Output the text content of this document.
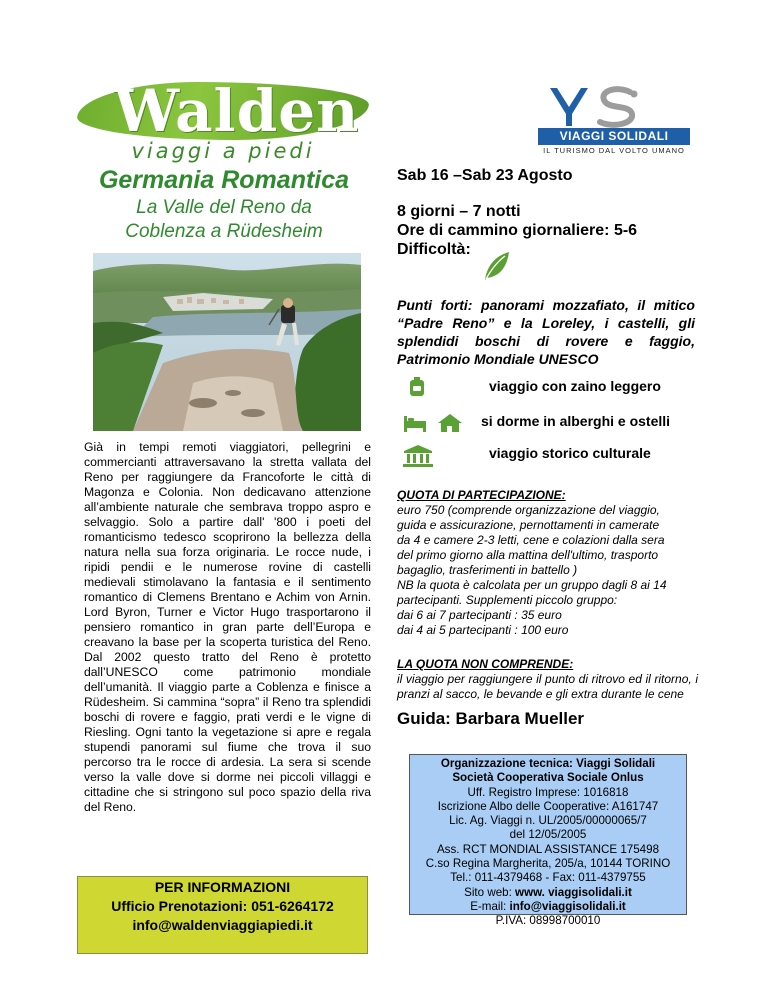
Walden
viaggi a piedi
VIAGGI SOLIDALI
IL TURISMO DAL VOLTO UMANO
Germania Romantica
La Valle del Reno da
Coblenza a Rüdesheim
Già in tempi remoti viaggiatori, pellegrini e commercianti attraversavano la stretta vallata del Reno per raggiungere da Francoforte le città di Magonza e Colonia. Non dedicavano attenzione all’ambiente naturale che sembrava troppo aspro e selvaggio. Solo a partire dall' '800 i poeti del romanticismo tedesco scoprirono la bellezza della natura nella sua forza originaria. Le rocce nude, i ripidi pendii e le numerose rovine di castelli medievali stimolavano la fantasia e il sentimento romantico di Clemens Brentano e Achim von Arnin. Lord Byron, Turner e Victor Hugo trasportarono il pensiero romantico in gran parte dell’Europa e creavano la base per la scoperta turistica del Reno. Dal 2002 questo tratto del Reno è protetto dall’UNESCO come patrimonio mondiale dell’umanità. Il viaggio parte a Coblenza e finisce a Rüdesheim. Si cammina “sopra” il Reno tra splendidi boschi di rovere e faggio, prati verdi e le vigne di Riesling. Ogni tanto la vegetazione si apre e regala stupendi panorami sul fiume che trova il suo percorso tra le rocce di ardesia. La sera si scende verso la valle dove si dorme nei piccoli villaggi e cittadine che si stringono sul poco spazio della riva del Reno.
PER INFORMAZIONI
Ufficio Prenotazioni: 051-6264172
info@waldenviaggiapiedi.it
Sab 16 –Sab 23 Agosto
8 giorni – 7 notti
Ore di cammino giornaliere: 5-6
Difficoltà:
Punti forti: panorami mozzafiato, il mitico “Padre Reno” e la Loreley, i castelli, gli splendidi boschi di rovere e faggio, Patrimonio Mondiale UNESCO
viaggio con zaino leggero
si dorme in alberghi e ostelli
viaggio storico culturale
QUOTA DI PARTECIPAZIONE:
euro 750 (comprende organizzazione del viaggio,
guida e assicurazione, pernottamenti in camerate
da 4 e camere 2-3 letti, cene e colazioni dalla sera
del primo giorno alla mattina dell'ultimo, trasporto
bagaglio, trasferimenti in battello )
NB la quota è calcolata per un gruppo dagli 8 ai 14
partecipanti. Supplementi piccolo gruppo:
dai 6 ai 7 partecipanti : 35 euro
dai 4 ai 5 partecipanti : 100 euro
LA QUOTA NON COMPRENDE:
il viaggio per raggiungere il punto di ritrovo ed il ritorno, i pranzi al sacco, le bevande e gli extra durante le cene
Guida: Barbara Mueller
Organizzazione tecnica: Viaggi Solidali
Società Cooperativa Sociale Onlus
Uff. Registro Imprese: 1016818
Iscrizione Albo delle Cooperative: A161747
Lic. Ag. Viaggi n. UL/2005/00000065/7
del 12/05/2005
Ass. RCT MONDIAL ASSISTANCE 175498
C.so Regina Margherita, 205/a, 10144 TORINO
Tel.: 011-4379468 - Fax: 011-4379755
Sito web: www. viaggisolidali.it
E-mail: info@viaggisolidali.it
P.IVA: 08998700010
